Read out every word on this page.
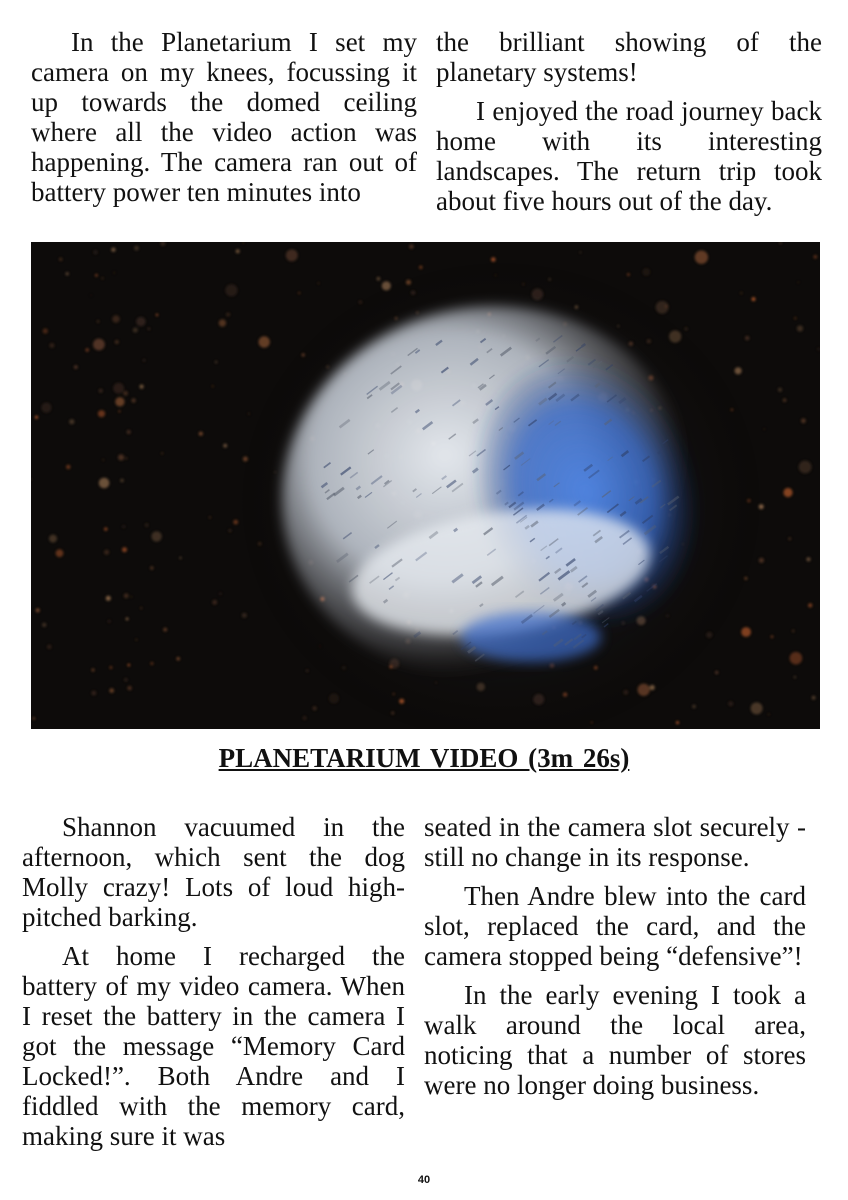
In the Planetarium I set my camera on my knees, focussing it up towards the domed ceiling where all the video action was happening. The camera ran out of battery power ten minutes into

the brilliant showing of the planetary systems!

I enjoyed the road journey back home with its interesting landscapes. The return trip took about five hours out of the day.

PLANETARIUM VIDEO (3m 26s)

Shannon vacuumed in the afternoon, which sent the dog Molly crazy! Lots of loud high-pitched barking.

At home I recharged the battery of my video camera. When I reset the battery in the camera I got the message “Memory Card Locked!”. Both Andre and I fiddled with the memory card, making sure it was

seated in the camera slot securely - still no change in its response.

Then Andre blew into the card slot, replaced the card, and the camera stopped being “defensive”!

In the early evening I took a walk around the local area, noticing that a number of stores were no longer doing business.

40
